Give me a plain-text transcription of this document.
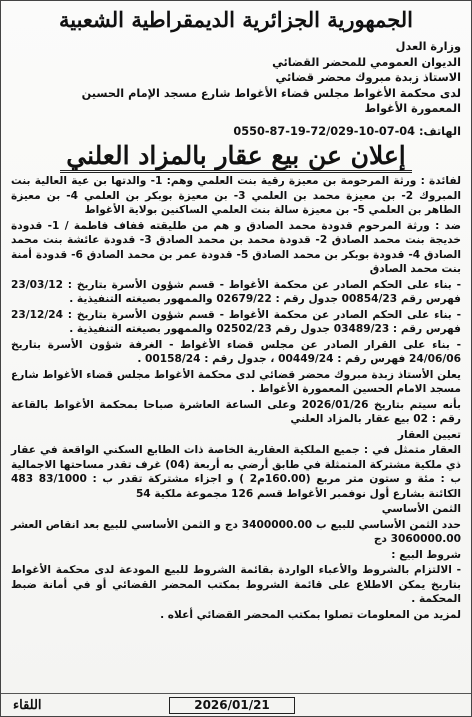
الجمهورية الجزائرية الديمقراطية الشعبية
وزارة العدل
الديوان العمومي للمحضر القضائي
الاستاذ زبدة مبروك محضر قضائي
لدى محكمة الأغواط مجلس قضاء الأغواط شارع مسجد الإمام الحسين
المعمورة الأغواط
الهاتف: 0550-87-19-72/029-10-07-04
إعلان عن بيع عقار بالمزاد العلني

لفائدة : ورثة المرحومة بن معيزة رقية بنت العلمي وهم: 1- والدتها بن عية العالية بنت المبروك 2- بن معيزة محمد بن العلمي 3- بن معيزة بوبكر بن العلمي 4- بن معيزة الطاهر بن العلمي 5- بن معيزة سالة بنت العلمي الساكنين بولاية الأغواط

ضد : ورثة المرحوم قدودة محمد الصادق و هم من طليقته قفاف فاطمة / 1- قدودة خديجة بنت محمد الصادق 2- قدودة محمد بن محمد الصادق 3- قدودة عائشة بنت محمد الصادق 4- قدودة بوبكر بن محمد الصادق 5- قدودة عمر بن محمد الصادق 6- قدودة أمنة بنت محمد الصادق

- بناء على الحكم الصادر عن محكمة الأغواط - قسم شؤون الأسرة بتاريخ : 23/03/12 فهرس رقم 00854/23 جدول رقم : 02679/22 والممهور بصيغته التنفيذية .

- بناء على الحكم الصادر عن محكمة الأغواط - قسم شؤون الأسرة بتاريخ : 23/12/24 فهرس رقم : 03489/23 جدول رقم 02502/23 والممهور بصيغته التنفيذية .

- بناء على القرار الصادر عن مجلس قضاء الأغواط - الغرفة شؤون الأسرة بتاريخ 24/06/06 فهرس رقم : 00449/24 ، جدول رقم : 00158/24 .

يعلن الأستاذ زبدة مبروك محضر قضائي لدى محكمة الأغواط مجلس قضاء الأغواط شارع مسجد الامام الحسين المعمورة الأغواط .

بأنه سيتم بتاريخ 2026/01/26 وعلى الساعة العاشرة صباحا بمحكمة الأغواط بالقاعة رقم : 02 بيع عقار بالمزاد العلني

تعيين العقار

العقار متمثل في : جميع الملكية العقارية الخاصة ذات الطابع السكني الواقعة في عقار ذي ملكية مشتركة المتمثلة في طابق أرضي به أربعة (04) غرف تقدر مساحتها الاجمالية ب : مئة و ستون متر مربع (160.00م2 ) و اجزاء مشتركة تقدر ب : 83/1000 483 الكائنة بشارع أول نوفمبر الأغواط قسم 126 مجموعة ملكية 54

الثمن الأساسي

حدد الثمن الأساسي للبيع ب 3400000.00 دج و الثمن الأساسي للبيع بعد انقاص العشر 3060000.00 دج

شروط البيع :

- الالتزام بالشروط والأعباء الواردة بقائمة الشروط للبيع المودعة لدى محكمة الأغواط بتاريخ يمكن الاطلاع على قائمة الشروط بمكتب المحضر القضائي أو في أمانة ضبط المحكمة .

لمزيد من المعلومات تصلوا بمكتب المحضر القضائي أعلاه .

2026/01/21
اللقاء
